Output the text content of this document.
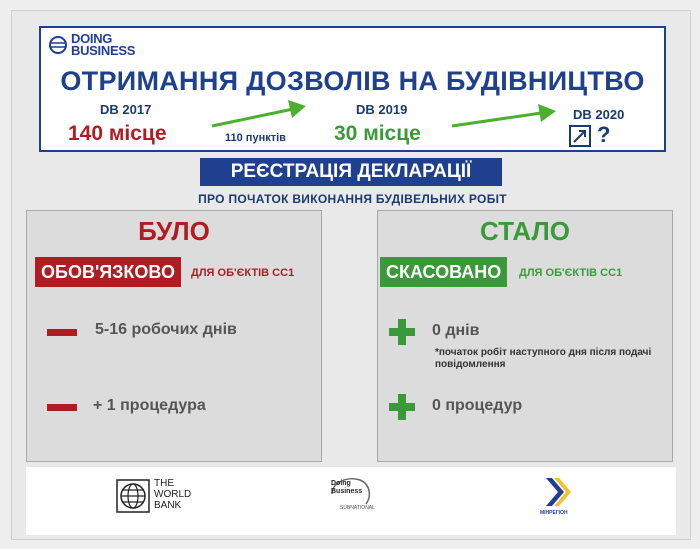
DOING
BUSINESS
ОТРИМАННЯ ДОЗВОЛІВ НА БУДІВНИЦТВО
DB 2017
140 місце	110 пунктів
DB 2019
30 місце
DB 2020
?
РЕЄСТРАЦІЯ ДЕКЛАРАЦІЇ
ПРО ПОЧАТОК ВИКОНАННЯ БУДІВЕЛЬНИХ РОБІТ
БУЛО
ОБОВ'ЯЗКОВО	ДЛЯ ОБ'ЄКТІВ СС1
5-16 робочих днів
+ 1 процедура
СТАЛО
СКАСОВАНО	ДЛЯ ОБ'ЄКТІВ СС1
0 днів
*початок робіт наступного дня після подачі повідомлення
0 процедур
THE
WORLD
BANK
Doing
Business
SUBNATIONAL
МІНРЕГІОН
